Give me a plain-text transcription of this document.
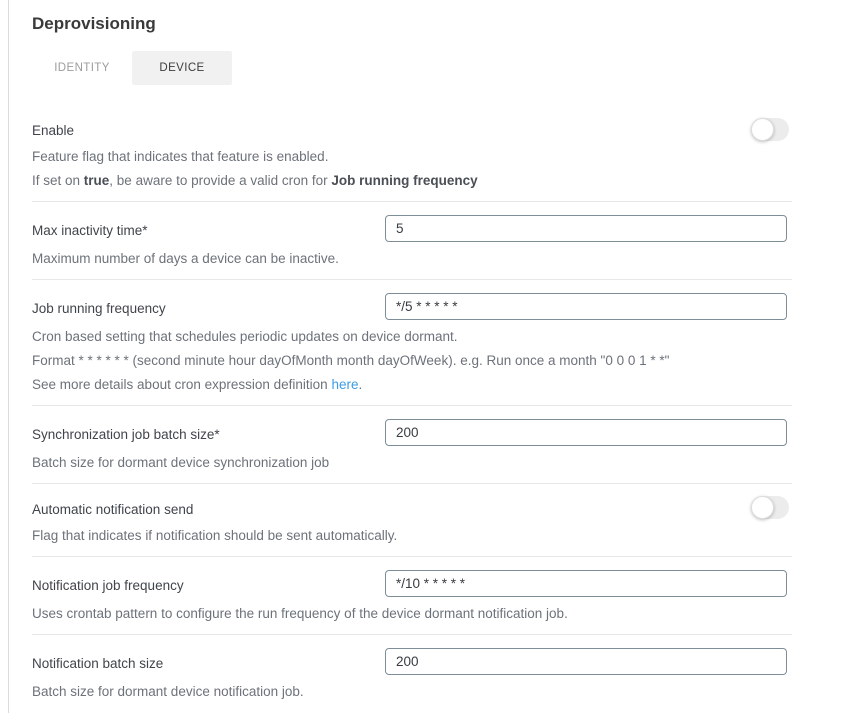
Deprovisioning
IDENTITY	DEVICE
Enable
Feature flag that indicates that feature is enabled.
If set on true, be aware to provide a valid cron for Job running frequency
Max inactivity time*
5
Maximum number of days a device can be inactive.
Job running frequency
*/5 * * * * *
Cron based setting that schedules periodic updates on device dormant.
Format * * * * * * (second minute hour dayOfMonth month dayOfWeek). e.g. Run once a month "0 0 0 1 * *"
See more details about cron expression definition here.
Synchronization job batch size*
200
Batch size for dormant device synchronization job
Automatic notification send
Flag that indicates if notification should be sent automatically.
Notification job frequency
*/10 * * * * *
Uses crontab pattern to configure the run frequency of the device dormant notification job.
Notification batch size
200
Batch size for dormant device notification job.
